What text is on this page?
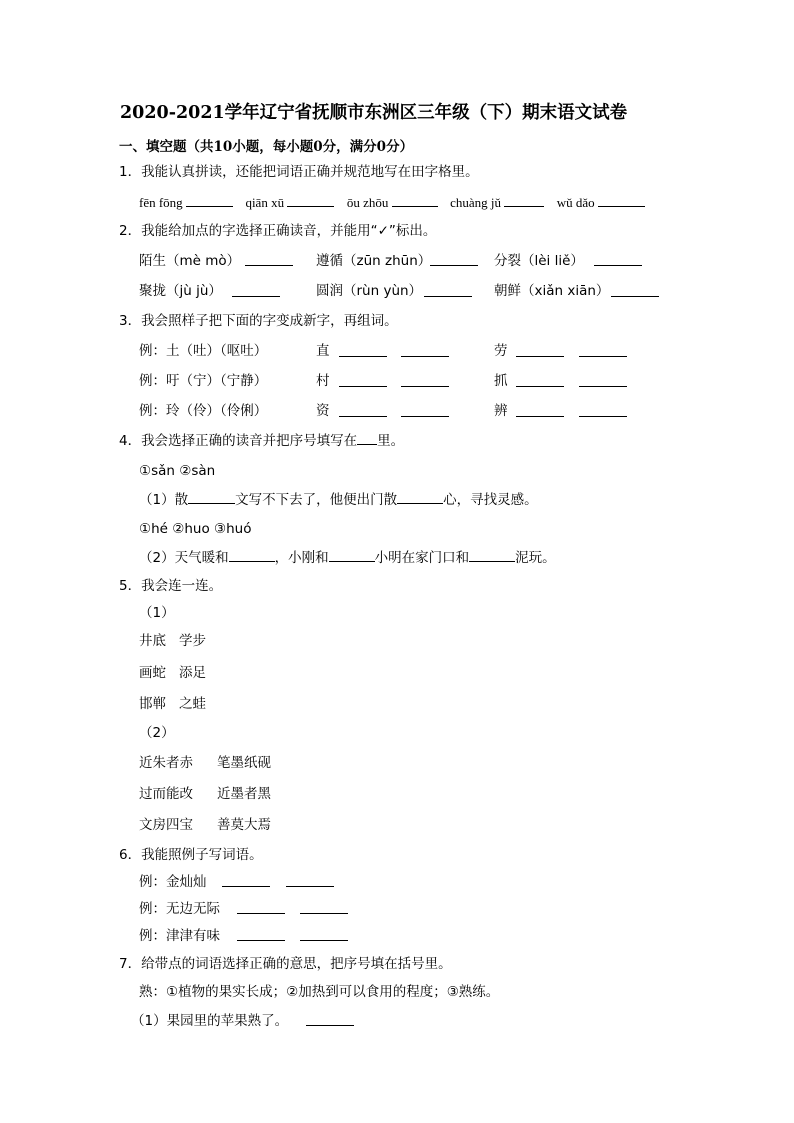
2020-2021学年辽宁省抚顺市东洲区三年级（下）期末语文试卷
一、填空题（共10小题，每小题0分，满分0分）
1．我能认真拼读，还能把词语正确并规范地写在田字格里。
fēn fōng	qiān xū	ōu zhōu	chuàng jǔ	wǔ dǎo
2．我能给加点的字选择正确读音，并能用“✓”标出。
陌生（mè mò）	遵循（zūn zhūn）	分裂（lèi liě）
聚拢（jù jù）	圆润（rùn yùn）	朝鲜（xiǎn xiān）
3．我会照样子把下面的字变成新字，再组词。
例：土（吐）（呕吐）	直	劳
例：吁（宁）（宁静）	村	抓
例：玲（伶）（伶俐）	资	辨
4．我会选择正确的读音并把序号填写在 里。
①sǎn ②sàn
（1）散	文写不下去了，他便出门散	心，寻找灵感。
①hé ②huo ③huó
（2）天气暖和	，小刚和	小明在家门口和	泥玩。
5．我会连一连。
（1）
井底 学步
画蛇 添足
邯郸 之蛙
（2）
近朱者赤 笔墨纸砚
过而能改 近墨者黑
文房四宝 善莫大焉
6．我能照例子写词语。
例：金灿灿
例：无边无际
例：津津有味
7．给带点的词语选择正确的意思，把序号填在括号里。
熟：①植物的果实长成；②加热到可以食用的程度；③熟练。
（1）果园里的苹果熟了。
